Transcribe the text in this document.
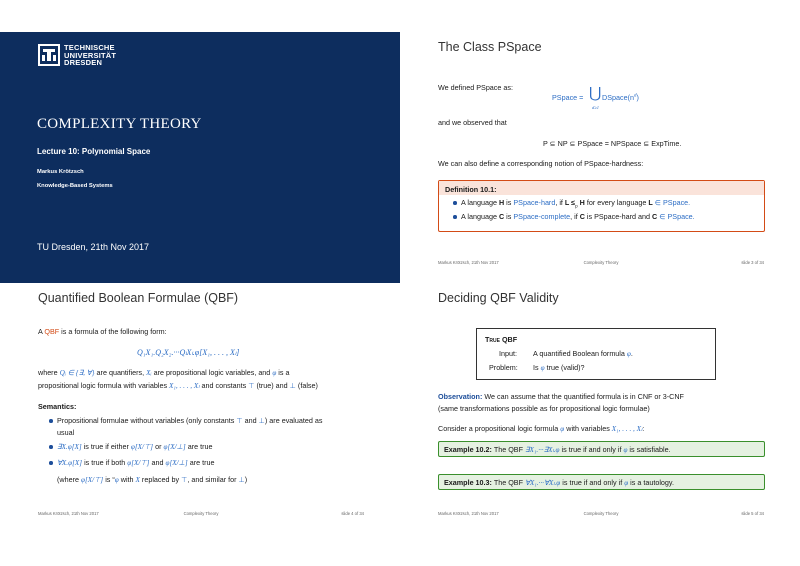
TECHNISCHE
UNIVERSITÄT
DRESDEN
COMPLEXITY THEORY
Lecture 10: Polynomial Space
Markus Krötzsch
Knowledge-Based Systems
TU Dresden, 21th Nov 2017
The Class PSpace
We defined PSpace as:
PSpace = ⋃
d≥1
$DSpace(n^d)$
and we observed that
P ⊆ NP ⊆ PSpace = NPSpace ⊆ ExpTime.
We can also define a corresponding notion of PSpace-hardness:
Definition 10.1:
A language H is PSpace-hard, if $L \le_p$ H for every language L ∈ PSpace.
A language C is PSpace-complete, if C is PSpace-hard and C ∈ PSpace.
Markus Krötzsch, 21th Nov 2017	Complexity Theory	slide 3 of 34
Quantified Boolean Formulae (QBF)
A QBF is a formula of the following form:
Q₁X₁.Q₂X₂.···QₗXₗ.φ[X₁, . . . , Xₗ]
where Qᵢ ∈ {∃, ∀} are quantifiers, Xᵢ are propositional logic variables, and φ is a
propositional logic formula with variables X₁, . . . , Xₗ and constants ⊤ (true) and ⊥ (false)
Semantics:
Propositional formulae without variables (only constants ⊤ and ⊥) are evaluated as
usual
∃X.φ[X] is true if either φ[X/⊤] or φ[X/⊥] are true
∀X.φ[X] is true if both φ[X/⊤] and φ[X/⊥] are true
(where φ[X/⊤] is “φ with X replaced by ⊤, and similar for ⊥)
Markus Krötzsch, 21th Nov 2017	Complexity Theory	slide 4 of 34
Deciding QBF Validity
True QBF
Input: A quantified Boolean formula φ.
Problem: Is φ true (valid)?
Observation: We can assume that the quantified formula is in CNF or 3-CNF
(same transformations possible as for propositional logic formulae)
Consider a propositional logic formula φ with variables X₁, . . . , Xₗ:
Example 10.2: The QBF ∃X₁.···∃Xₗ.φ is true if and only if φ is satisfiable.
Example 10.3: The QBF ∀X₁.···∀Xₗ.φ is true if and only if φ is a tautology.
Markus Krötzsch, 21th Nov 2017	Complexity Theory	slide 5 of 34
